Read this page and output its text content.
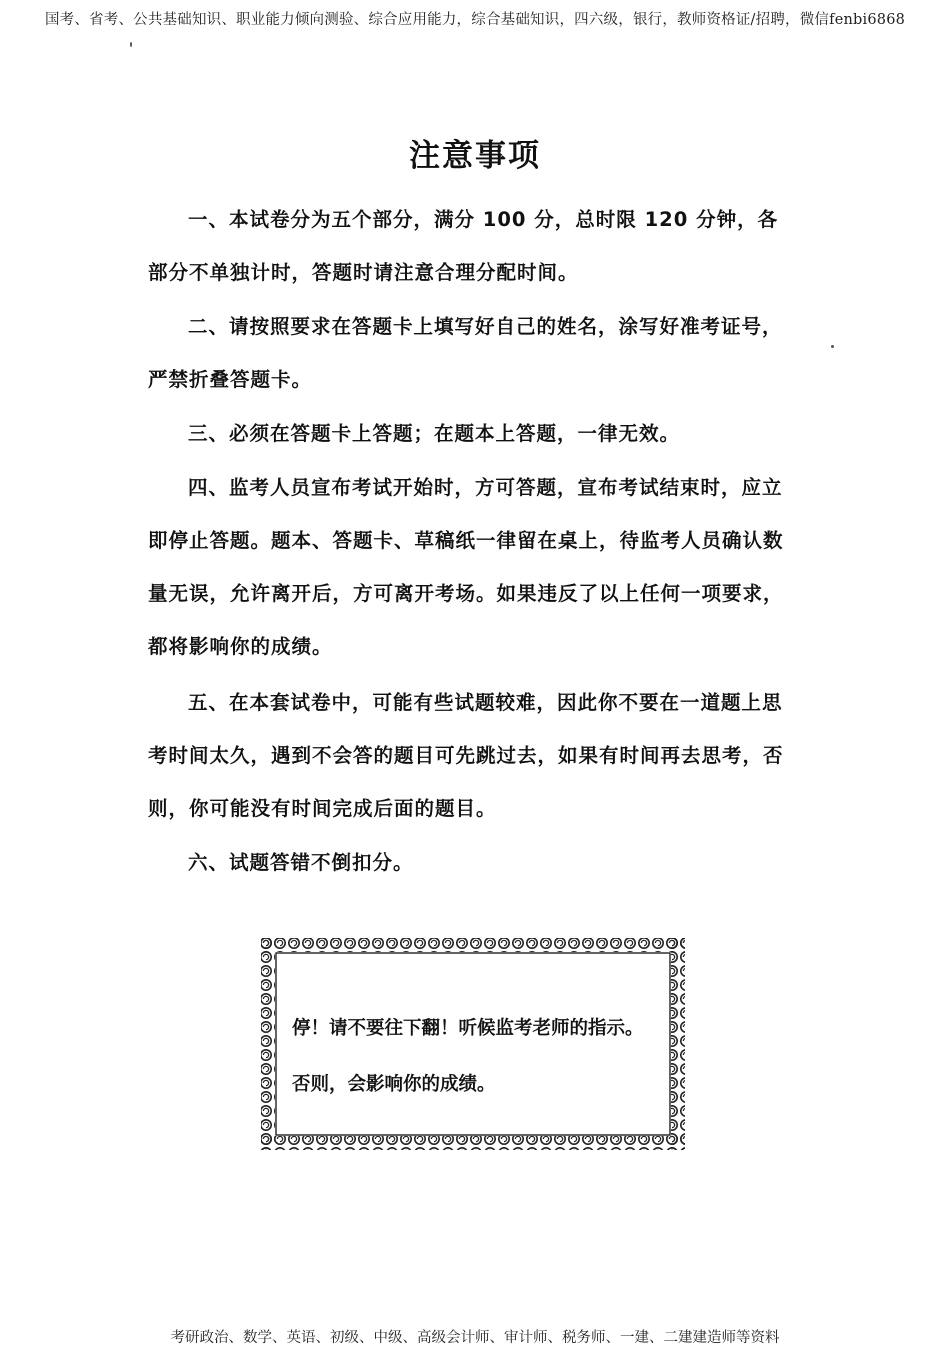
国考、省考、公共基础知识、职业能力倾向测验、综合应用能力，综合基础知识，四六级，银行，教师资格证/招聘，微信fenbi6868
注意事项

一、本试卷分为五个部分，满分 100 分，总时限 120 分钟，各部分不单独计时，答题时请注意合理分配时间。

二、请按照要求在答题卡上填写好自己的姓名，涂写好准考证号，严禁折叠答题卡。

三、必须在答题卡上答题；在题本上答题，一律无效。

四、监考人员宣布考试开始时，方可答题，宣布考试结束时，应立即停止答题。题本、答题卡、草稿纸一律留在桌上，待监考人员确认数量无误，允许离开后，方可离开考场。如果违反了以上任何一项要求，都将影响你的成绩。

五、在本套试卷中，可能有些试题较难，因此你不要在一道题上思考时间太久，遇到不会答的题目可先跳过去，如果有时间再去思考，否则，你可能没有时间完成后面的题目。

六、试题答错不倒扣分。

停！请不要往下翻！听候监考老师的指示。
否则，会影响你的成绩。
考研政治、数学、英语、初级、中级、高级会计师、审计师、税务师、一建、二建建造师等资料
